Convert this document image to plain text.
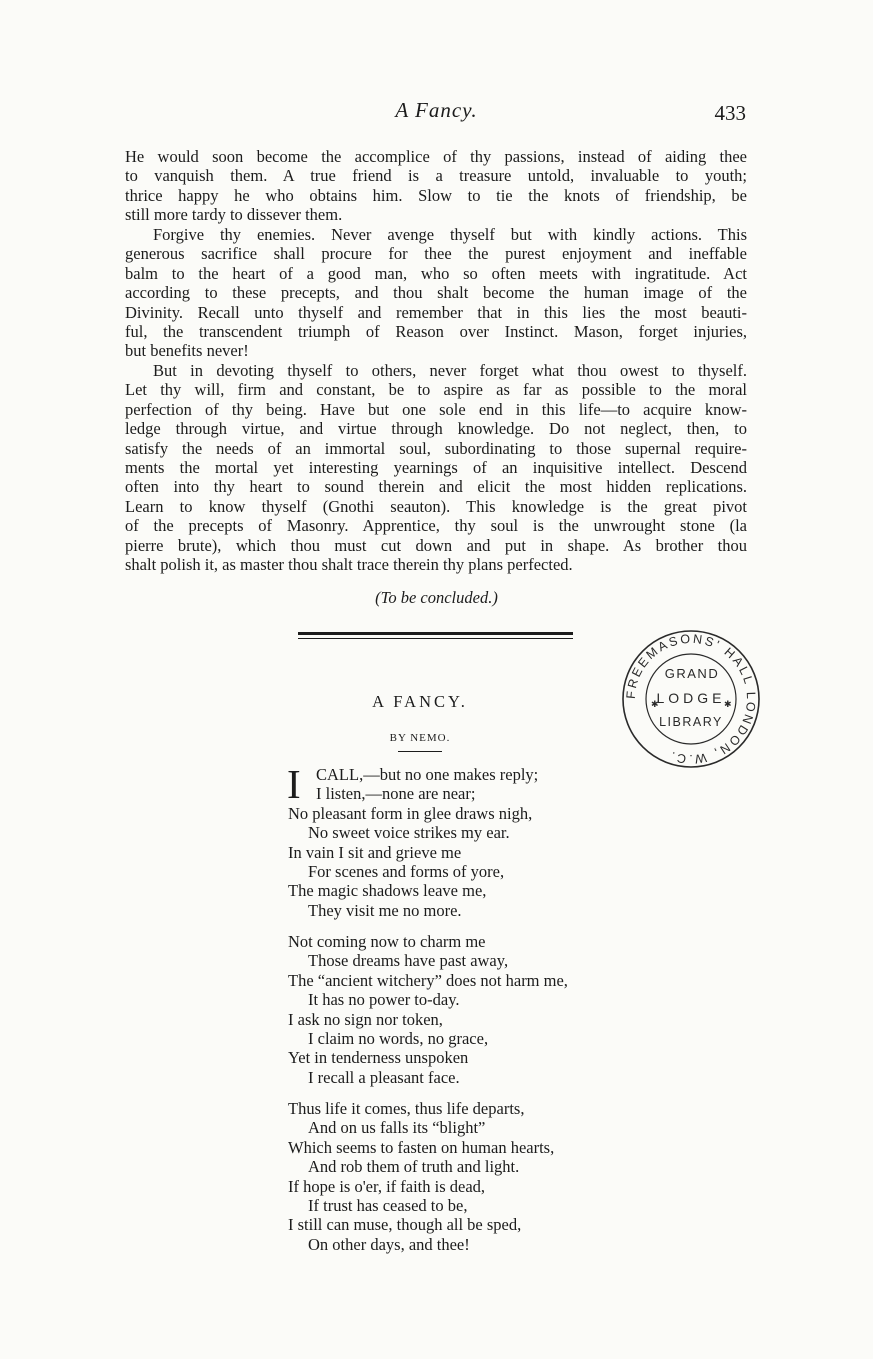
A Fancy.	433
He would soon become the accomplice of thy passions, instead of aiding thee
to vanquish them. A true friend is a treasure untold, invaluable to youth;
thrice happy he who obtains him. Slow to tie the knots of friendship, be
still more tardy to dissever them.
Forgive thy enemies. Never avenge thyself but with kindly actions. This
generous sacrifice shall procure for thee the purest enjoyment and ineffable
balm to the heart of a good man, who so often meets with ingratitude. Act
according to these precepts, and thou shalt become the human image of the
Divinity. Recall unto thyself and remember that in this lies the most beauti-
ful, the transcendent triumph of Reason over Instinct. Mason, forget injuries,
but benefits never!
But in devoting thyself to others, never forget what thou owest to thyself.
Let thy will, firm and constant, be to aspire as far as possible to the moral
perfection of thy being. Have but one sole end in this life—to acquire know-
ledge through virtue, and virtue through knowledge. Do not neglect, then, to
satisfy the needs of an immortal soul, subordinating to those supernal require-
ments the mortal yet interesting yearnings of an inquisitive intellect. Descend
often into thy heart to sound therein and elicit the most hidden replications.
Learn to know thyself (Gnothi seauton). This knowledge is the great pivot
of the precepts of Masonry. Apprentice, thy soul is the unwrought stone (la
pierre brute), which thou must cut down and put in shape. As brother thou
shalt polish it, as master thou shalt trace therein thy plans perfected.
(To be concluded.)
FREEMASONS' HALL LONDON, W.C.
GRAND
LODGE
LIBRARY
✱	✱
A FANCY.
BY NEMO.
I CALL,—but no one makes reply;
I listen,—none are near;
No pleasant form in glee draws nigh,
No sweet voice strikes my ear.
In vain I sit and grieve me
For scenes and forms of yore,
The magic shadows leave me,
They visit me no more.
Not coming now to charm me
Those dreams have past away,
The “ancient witchery” does not harm me,
It has no power to-day.
I ask no sign nor token,
I claim no words, no grace,
Yet in tenderness unspoken
I recall a pleasant face.
Thus life it comes, thus life departs,
And on us falls its “blight”
Which seems to fasten on human hearts,
And rob them of truth and light.
If hope is o'er, if faith is dead,
If trust has ceased to be,
I still can muse, though all be sped,
On other days, and thee!
